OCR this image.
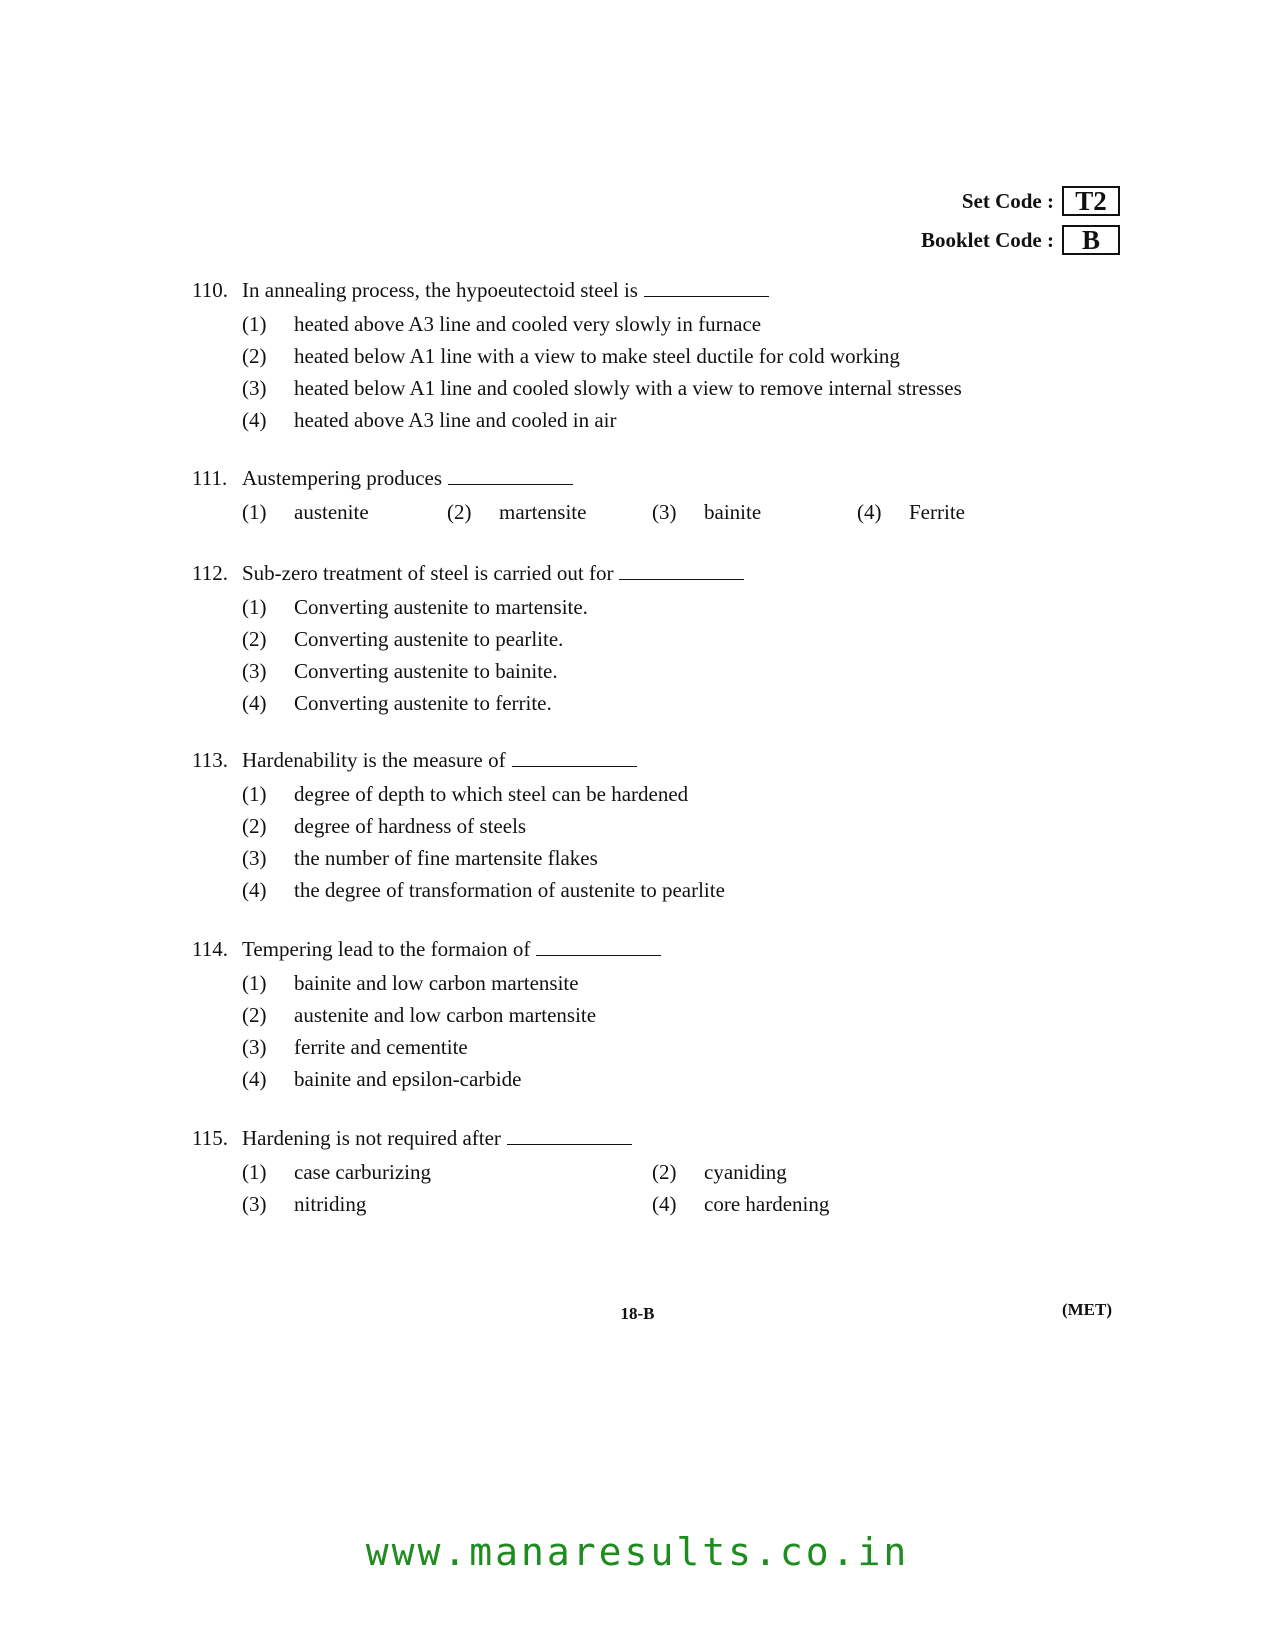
Set Code : T2
Booklet Code :	B
110. In annealing process, the hypoeutectoid steel is
(1)	heated above A3 line and cooled very slowly in furnace
(2)	heated below A1 line with a view to make steel ductile for cold working
(3)	heated below A1 line and cooled slowly with a view to remove internal stresses
(4)	heated above A3 line and cooled in air
111. Austempering produces
(1)	austenite	(2)	martensite	(3)	bainite	(4)	Ferrite
112. Sub-zero treatment of steel is carried out for
(1)	Converting austenite to martensite.
(2)	Converting austenite to pearlite.
(3)	Converting austenite to bainite.
(4)	Converting austenite to ferrite.
113. Hardenability is the measure of
(1)	degree of depth to which steel can be hardened
(2)	degree of hardness of steels
(3)	the number of fine martensite flakes
(4)	the degree of transformation of austenite to pearlite
114. Tempering lead to the formaion of
(1)	bainite and low carbon martensite
(2)	austenite and low carbon martensite
(3)	ferrite and cementite
(4)	bainite and epsilon-carbide
115. Hardening is not required after
(1)	case carburizing	(2)	cyaniding
(3)	nitriding	(4)	core hardening
18-B	(MET)
www.manaresults.co.in
